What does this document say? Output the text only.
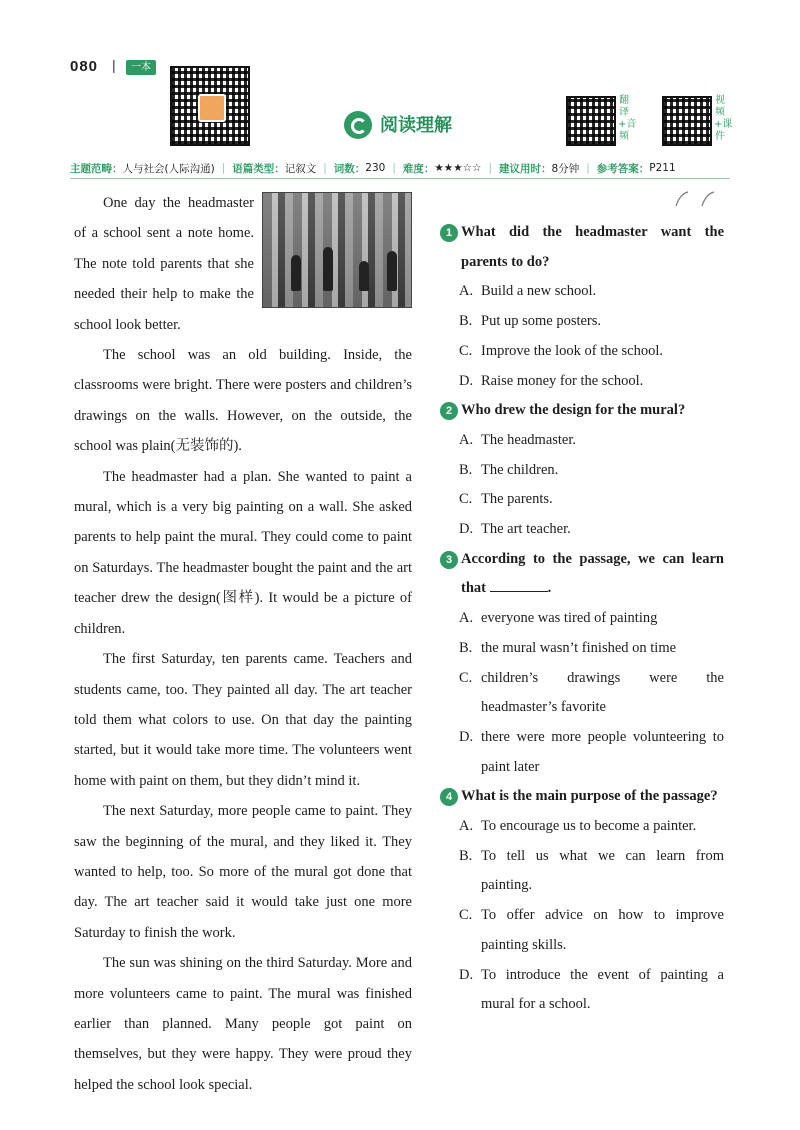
080 |	一本
阅读理解
翻译+音频
视频+课件
主题范畴： 人与社会(人际沟通) | 语篇类型： 记叙文 | 词数： 230 | 难度： ★★★☆☆ | 建议用时： 8分钟 | 参考答案： P211

One day the headmaster of a school sent a note home. The note told parents that she needed their help to make the school look better.

The school was an old building. Inside, the classrooms were bright. There were posters and children’s drawings on the walls. However, on the outside, the school was plain(无装饰的).

The headmaster had a plan. She wanted to paint a mural, which is a very big painting on a wall. She asked parents to help paint the mural. They could come to paint on Saturdays. The headmaster bought the paint and the art teacher drew the design(图样). It would be a picture of children.

The first Saturday, ten parents came. Teachers and students came, too. They painted all day. The art teacher told them what colors to use. On that day the painting started, but it would take more time. The volunteers went home with paint on them, but they didn’t mind it.

The next Saturday, more people came to paint. They saw the beginning of the mural, and they liked it. They wanted to help, too. So more of the mural got done that day. The art teacher said it would take just one more Saturday to finish the work.

The sun was shining on the third Saturday. More and more volunteers came to paint. The mural was finished earlier than planned. Many people got paint on themselves, but they were happy. They were proud they helped the school look special.

1 What did the headmaster want the parents to do?
A. Build a new school.
B. Put up some posters.
C. Improve the look of the school.
D. Raise money for the school.
2 Who drew the design for the mural?
A. The headmaster.
B. The children.
C. The parents.
D. The art teacher.
3 According to the passage, we can learn that	.
A. everyone was tired of painting
B. the mural wasn’t finished on time
C. children’s drawings were the headmaster’s favorite
D. there were more people volunteering to paint later
4 What is the main purpose of the passage?
A. To encourage us to become a painter.
B. To tell us what we can learn from painting.
C. To offer advice on how to improve painting skills.
D. To introduce the event of painting a mural for a school.
